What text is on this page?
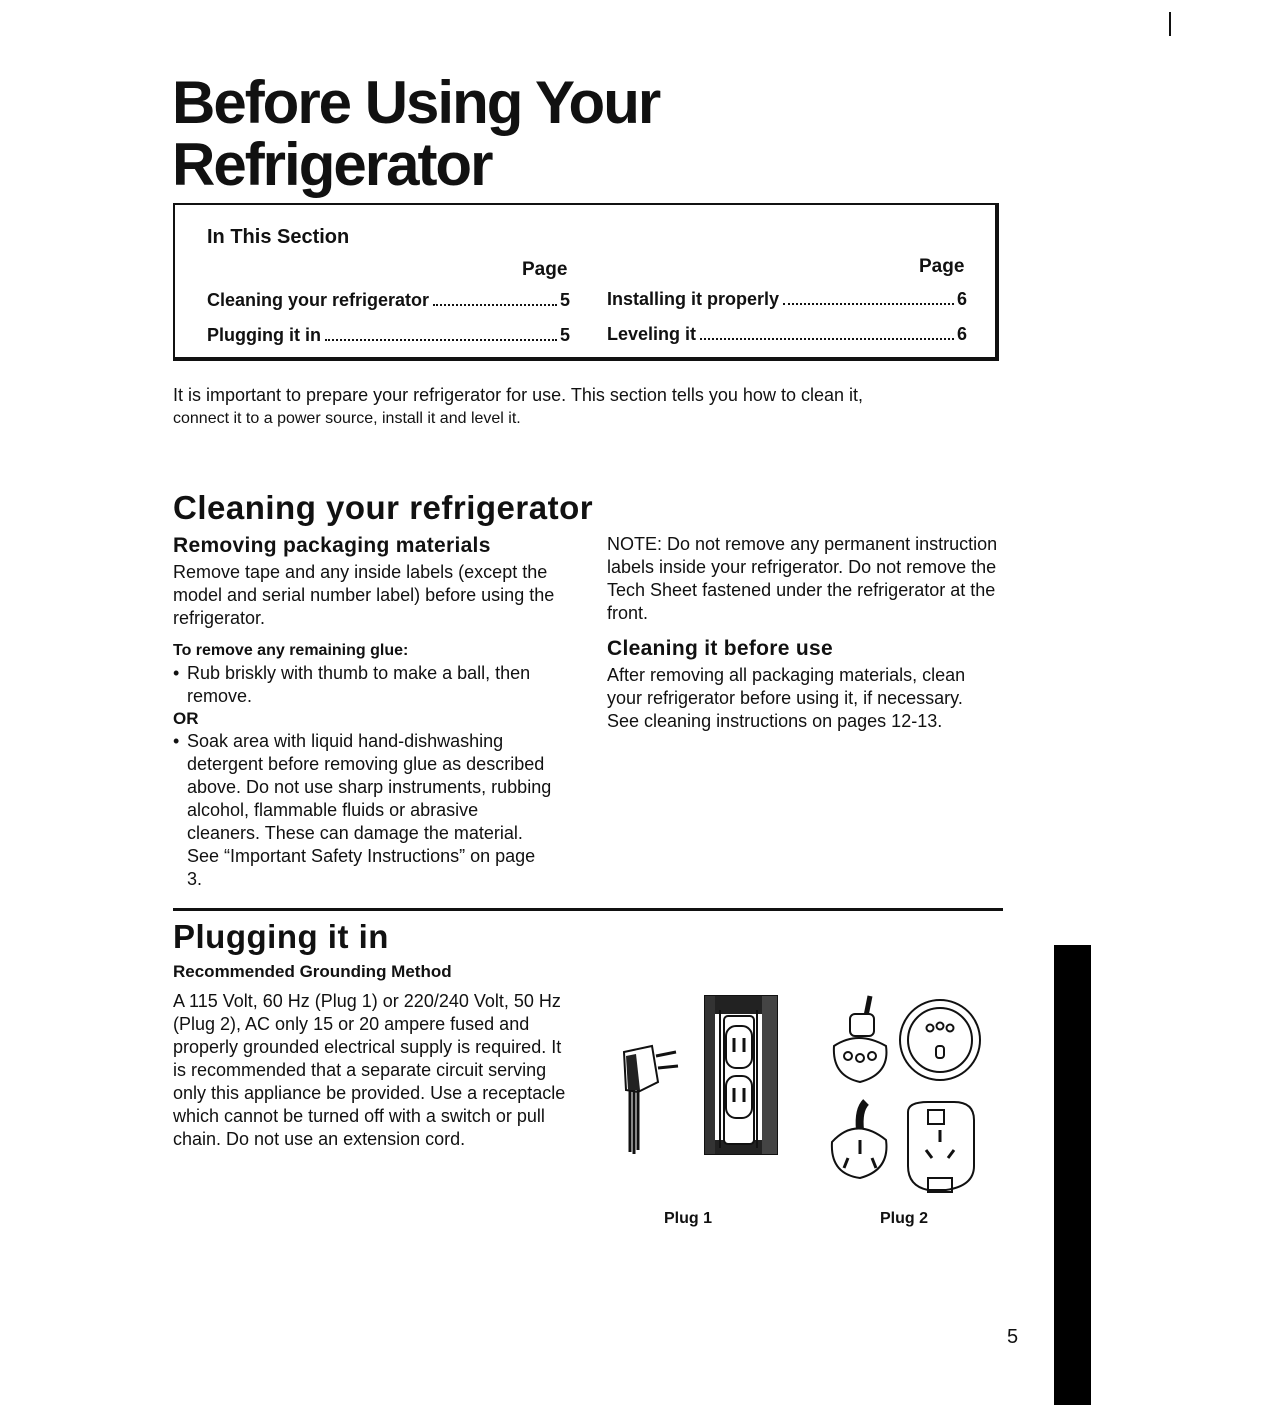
Before Using Your
Refrigerator
In This Section
Page	Page
Cleaning your refrigerator	5
Plugging it in	5
Installing it properly	6
Leveling it	6
It is important to prepare your refrigerator for use. This section tells you how to clean it,
connect it to a power source, install it and level it.
Cleaning your refrigerator
Removing packaging materials
Remove tape and any inside labels (except the model and serial number label) before using the refrigerator.
To remove any remaining glue:
• Rub briskly with thumb to make a ball, then remove.
OR
• Soak area with liquid hand-dishwashing detergent before removing glue as described above. Do not use sharp instruments, rubbing alcohol, flammable fluids or abrasive cleaners. These can damage the material. See “Important Safety Instructions” on page 3.
NOTE: Do not remove any permanent instruction labels inside your refrigerator. Do not remove the Tech Sheet fastened under the refrigerator at the front.
Cleaning it before use
After removing all packaging materials, clean your refrigerator before using it, if necessary. See cleaning instructions on pages 12-13.
Plugging it in
Recommended Grounding Method
A 115 Volt, 60 Hz (Plug 1) or 220/240 Volt, 50 Hz (Plug 2), AC only 15 or 20 ampere fused and properly grounded electrical supply is required. It is recommended that a separate circuit serving only this appliance be provided. Use a receptacle which cannot be turned off with a switch or pull chain. Do not use an extension cord.
Plug 1	Plug 2
5
